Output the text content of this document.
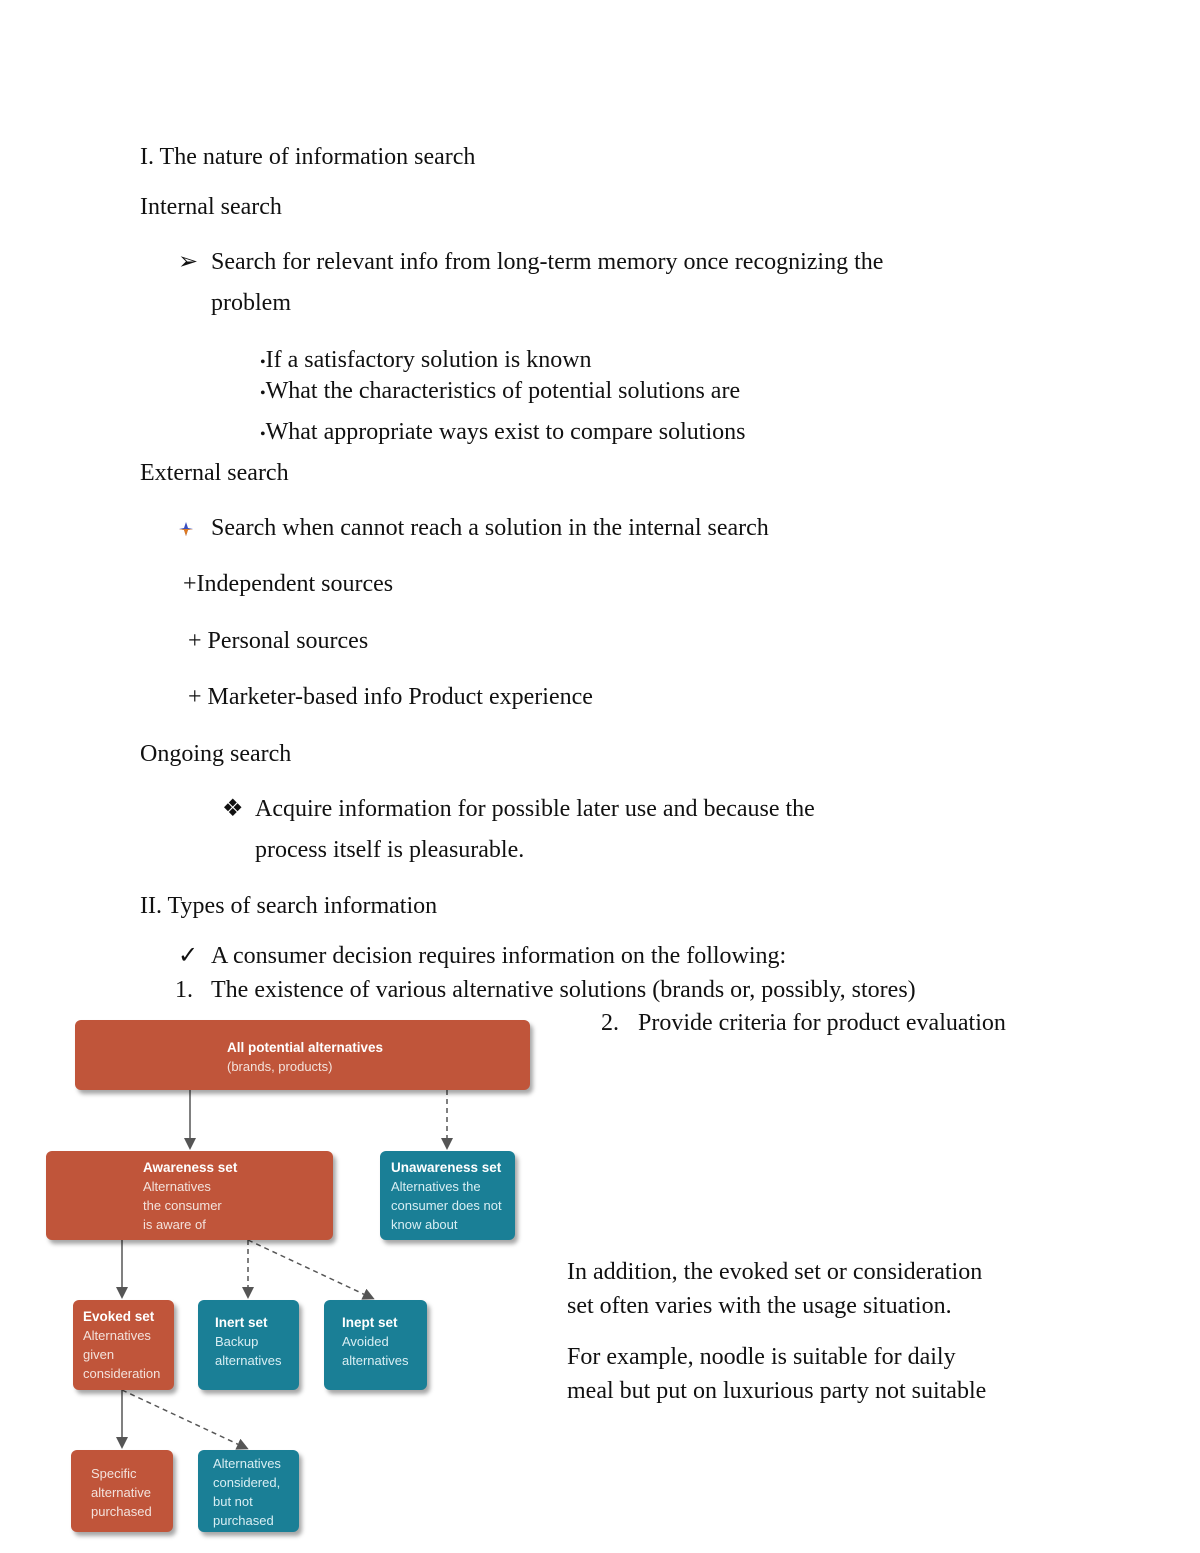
I. The nature of information search
Internal search
➢ Search for relevant info from long-term memory once recognizing the
problem
•If a satisfactory solution is known
•What the characteristics of potential solutions are
•What appropriate ways exist to compare solutions
External search
Search when cannot reach a solution in the internal search
+Independent sources
+ Personal sources
+ Marketer-based info Product experience
Ongoing search
❖ Acquire information for possible later use and because the
process itself is pleasurable.
II. Types of search information
✓ A consumer decision requires information on the following:
1. The existence of various alternative solutions (brands or, possibly, stores)
2. Provide criteria for product evaluation
In addition, the evoked set or consideration
set often varies with the usage situation.
For example, noodle is suitable for daily
meal but put on luxurious party not suitable
All potential alternatives
(brands, products)
Awareness set
Alternatives
the consumer
is aware of
Unawareness set
Alternatives the
consumer does not
know about
Evoked set
Alternatives
given
consideration
Inert set
Backup
alternatives
Inept set
Avoided
alternatives
Specific
alternative
purchased
Alternatives
considered,
but not
purchased
